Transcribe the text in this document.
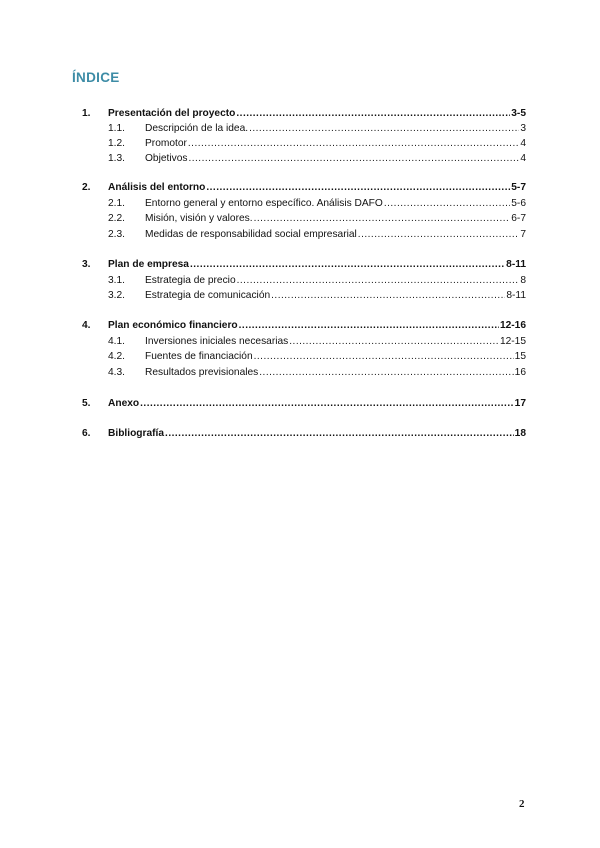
ÍNDICE
1. Presentación del proyecto .....	3-5
1.1. Descripción de la idea. .....	3
1.2. Promotor .....	4
1.3. Objetivos .....	4
2. Análisis del entorno .....	5-7
2.1. Entorno general y entorno específico. Análisis DAFO .....	5-6
2.2. Misión, visión y valores. .....	6-7
2.3. Medidas de responsabilidad social empresarial .....	7
3. Plan de empresa .....	8-11
3.1. Estrategia de precio .....	8
3.2. Estrategia de comunicación .....	8-11
4. Plan económico financiero .....	12-16
4.1. Inversiones iniciales necesarias .....	12-15
4.2. Fuentes de financiación .....	15
4.3. Resultados previsionales .....	16
5. Anexo .....	17
6. Bibliografía .....	18
2
